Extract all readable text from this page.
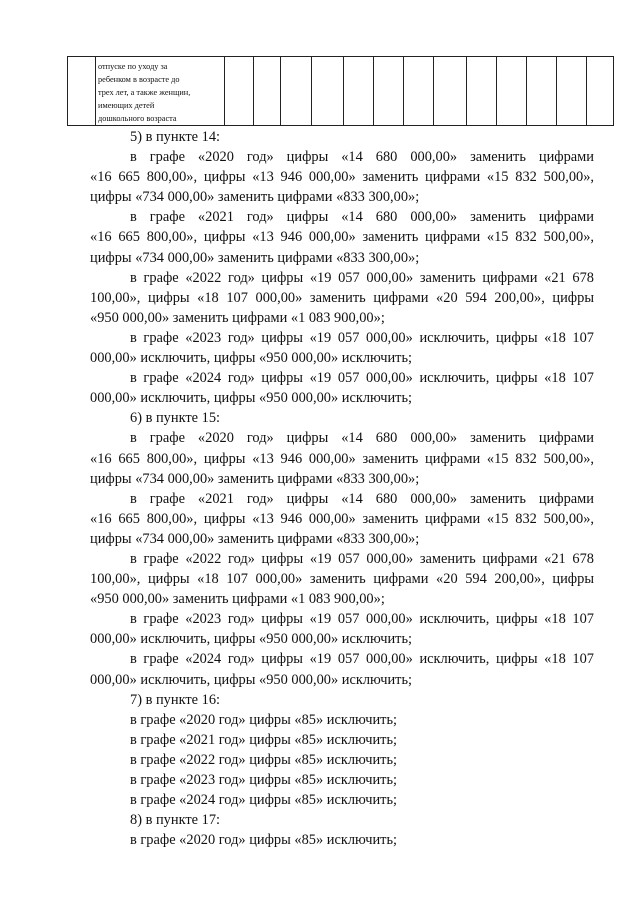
отпуске по уходу за
ребенком в возрасте до
трех лет, а также женщин,
имеющих детей
дошкольного возраста
5) в пункте 14:
в графе «2020 год» цифры «14 680 000,00» заменить цифрами
«16 665 800,00», цифры «13 946 000,00» заменить цифрами «15 832 500,00»,
цифры «734 000,00» заменить цифрами «833 300,00»;
в графе «2021 год» цифры «14 680 000,00» заменить цифрами
«16 665 800,00», цифры «13 946 000,00» заменить цифрами «15 832 500,00»,
цифры «734 000,00» заменить цифрами «833 300,00»;
в графе «2022 год» цифры «19 057 000,00» заменить цифрами «21 678
100,00», цифры «18 107 000,00» заменить цифрами «20 594 200,00», цифры
«950 000,00» заменить цифрами «1 083 900,00»;
в графе «2023 год» цифры «19 057 000,00» исключить, цифры «18 107
000,00» исключить, цифры «950 000,00» исключить;
в графе «2024 год» цифры «19 057 000,00» исключить, цифры «18 107
000,00» исключить, цифры «950 000,00» исключить;
6) в пункте 15:
в графе «2020 год» цифры «14 680 000,00» заменить цифрами
«16 665 800,00», цифры «13 946 000,00» заменить цифрами «15 832 500,00»,
цифры «734 000,00» заменить цифрами «833 300,00»;
в графе «2021 год» цифры «14 680 000,00» заменить цифрами
«16 665 800,00», цифры «13 946 000,00» заменить цифрами «15 832 500,00»,
цифры «734 000,00» заменить цифрами «833 300,00»;
в графе «2022 год» цифры «19 057 000,00» заменить цифрами «21 678
100,00», цифры «18 107 000,00» заменить цифрами «20 594 200,00», цифры
«950 000,00» заменить цифрами «1 083 900,00»;
в графе «2023 год» цифры «19 057 000,00» исключить, цифры «18 107
000,00» исключить, цифры «950 000,00» исключить;
в графе «2024 год» цифры «19 057 000,00» исключить, цифры «18 107
000,00» исключить, цифры «950 000,00» исключить;
7) в пункте 16:
в графе «2020 год» цифры «85» исключить;
в графе «2021 год» цифры «85» исключить;
в графе «2022 год» цифры «85» исключить;
в графе «2023 год» цифры «85» исключить;
в графе «2024 год» цифры «85» исключить;
8) в пункте 17:
в графе «2020 год» цифры «85» исключить;
